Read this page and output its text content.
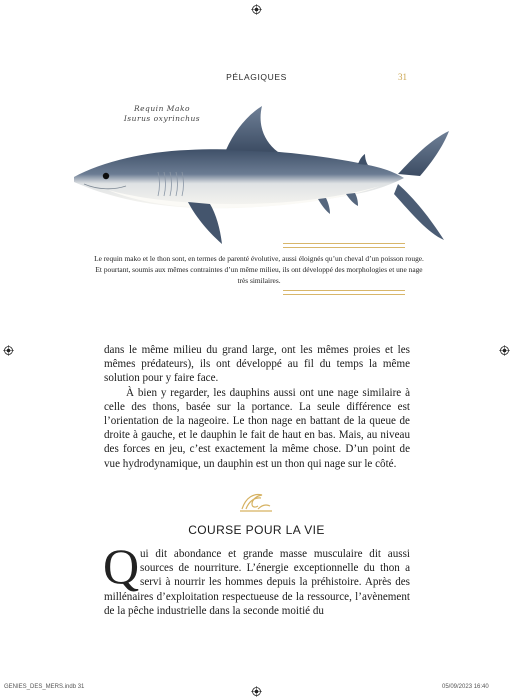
PÉLAGIQUES	31
Requin Mako
Isurus oxyrinchus
Le requin mako et le thon sont, en termes de parenté évolutive, aussi éloignés qu’un cheval d’un poisson rouge. Et pourtant, soumis aux mêmes contraintes d’un même milieu, ils ont développé des morphologies et une nage très similaires.

dans le même milieu du grand large, ont les mêmes proies et les mêmes prédateurs), ils ont développé au fil du temps la même solution pour y faire face.

À bien y regarder, les dauphins aussi ont une nage similaire à celle des thons, basée sur la portance. La seule différence est l’orientation de la nageoire. Le thon nage en battant de la queue de droite à gauche, et le dauphin le fait de haut en bas. Mais, au niveau des forces en jeu, c’est exactement la même chose. D’un point de vue hydrodynamique, un dauphin est un thon qui nage sur le côté.

COURSE POUR LA VIE
Q ui dit abondance et grande masse musculaire dit aussi sources de nourriture. L’énergie exceptionnelle du thon a servi à nourrir les hommes depuis la préhistoire. Après des millénaires d’exploitation respectueuse de la ressource, l’avènement de la pêche industrielle dans la seconde moitié du

GENIES_DES_MERS.indb 31	05/09/2023 16:40
